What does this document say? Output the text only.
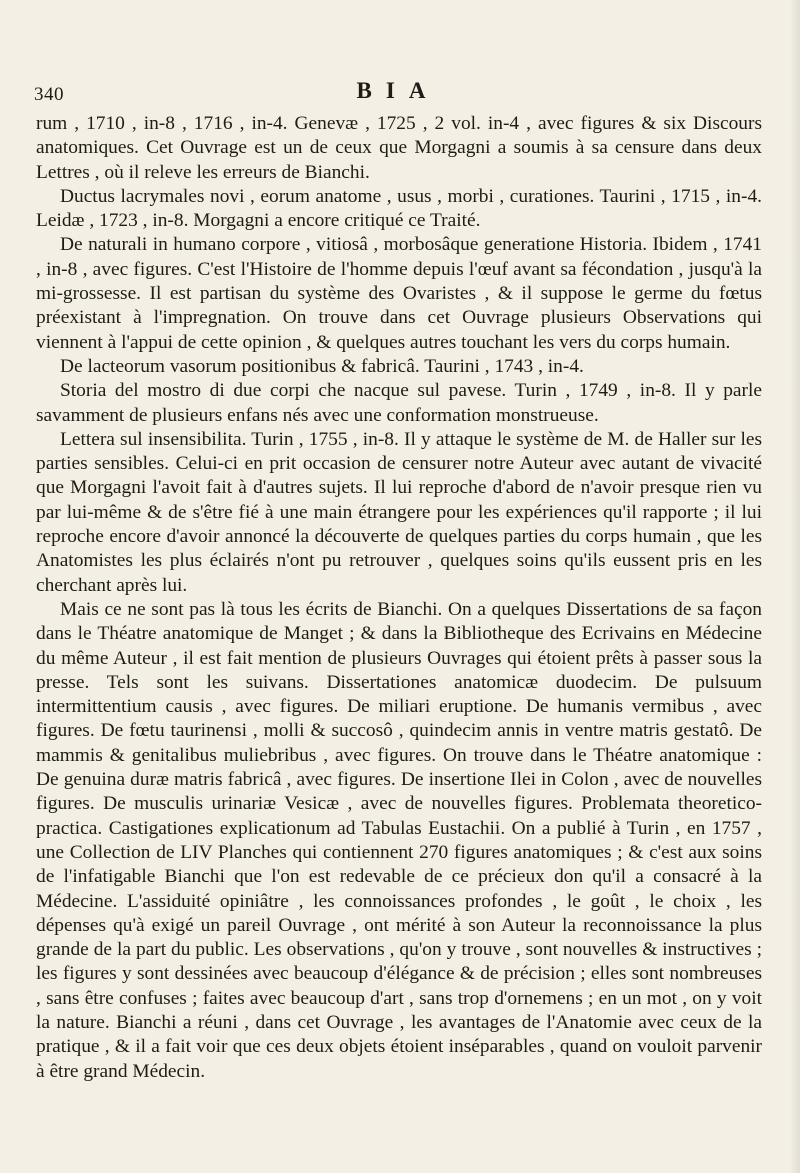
340	BIA

rum , 1710 , in-8 , 1716 , in-4. Genevæ , 1725 , 2 vol. in-4 , avec figures & six Discours anatomiques. Cet Ouvrage est un de ceux que Morgagni a soumis à sa censure dans deux Lettres , où il releve les erreurs de Bianchi.

Ductus lacrymales novi , eorum anatome , usus , morbi , curationes. Taurini , 1715 , in-4. Leidæ , 1723 , in-8. Morgagni a encore critiqué ce Traité.

De naturali in humano corpore , vitiosâ , morbosâque generatione Historia. Ibidem , 1741 , in-8 , avec figures. C'est l'Histoire de l'homme depuis l'œuf avant sa fécondation , jusqu'à la mi-grossesse. Il est partisan du système des Ovaristes , & il suppose le germe du fœtus préexistant à l'impregnation. On trouve dans cet Ouvrage plusieurs Observations qui viennent à l'appui de cette opinion , & quelques autres touchant les vers du corps humain.

De lacteorum vasorum positionibus & fabricâ. Taurini , 1743 , in-4.

Storia del mostro di due corpi che nacque sul pavese. Turin , 1749 , in-8. Il y parle savamment de plusieurs enfans nés avec une conformation monstrueuse.

Lettera sul insensibilita. Turin , 1755 , in-8. Il y attaque le système de M. de Haller sur les parties sensibles. Celui-ci en prit occasion de censurer notre Auteur avec autant de vivacité que Morgagni l'avoit fait à d'autres sujets. Il lui reproche d'abord de n'avoir presque rien vu par lui-même & de s'être fié à une main étrangere pour les expériences qu'il rapporte ; il lui reproche encore d'avoir annoncé la découverte de quelques parties du corps humain , que les Anatomistes les plus éclairés n'ont pu retrouver , quelques soins qu'ils eussent pris en les cherchant après lui.

Mais ce ne sont pas là tous les écrits de Bianchi. On a quelques Dissertations de sa façon dans le Théatre anatomique de Manget ; & dans la Bibliotheque des Ecrivains en Médecine du même Auteur , il est fait mention de plusieurs Ouvrages qui étoient prêts à passer sous la presse. Tels sont les suivans. Dissertationes anatomicæ duodecim. De pulsuum intermittentium causis , avec figures. De miliari eruptione. De humanis vermibus , avec figures. De fœtu taurinensi , molli & succosô , quindecim annis in ventre matris gestatô. De mammis & genitalibus muliebribus , avec figures. On trouve dans le Théatre anatomique : De genuina duræ matris fabricâ , avec figures. De insertione Ilei in Colon , avec de nouvelles figures. De musculis urinariæ Vesicæ , avec de nouvelles figures. Problemata theoretico-practica. Castigationes explicationum ad Tabulas Eustachii. On a publié à Turin , en 1757 , une Collection de LIV Planches qui contiennent 270 figures anatomiques ; & c'est aux soins de l'infatigable Bianchi que l'on est redevable de ce précieux don qu'il a consacré à la Médecine. L'assiduité opiniâtre , les connoissances profondes , le goût , le choix , les dépenses qu'à exigé un pareil Ouvrage , ont mérité à son Auteur la reconnoissance la plus grande de la part du public. Les observations , qu'on y trouve , sont nouvelles & instructives ; les figures y sont dessinées avec beaucoup d'élégance & de précision ; elles sont nombreuses , sans être confuses ; faites avec beaucoup d'art , sans trop d'ornemens ; en un mot , on y voit la nature. Bianchi a réuni , dans cet Ouvrage , les avantages de l'Anatomie avec ceux de la pratique , & il a fait voir que ces deux objets étoient inséparables , quand on vouloit parvenir à être grand Médecin.
